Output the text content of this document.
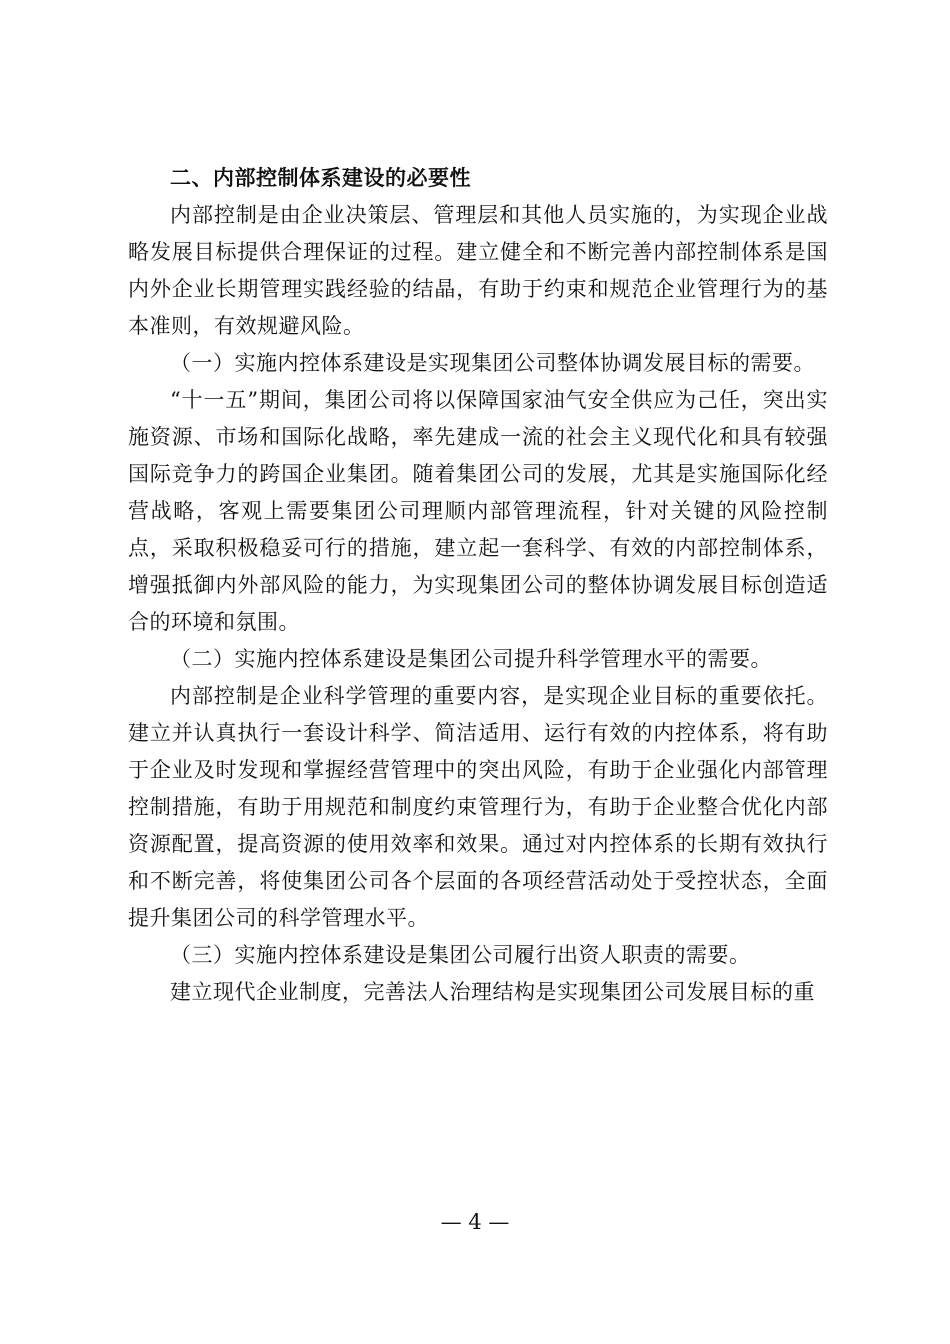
二、内部控制体系建设的必要性

内部控制是由企业决策层、管理层和其他人员实施的，为实现企业战略发展目标提供合理保证的过程。建立健全和不断完善内部控制体系是国内外企业长期管理实践经验的结晶，有助于约束和规范企业管理行为的基本准则，有效规避风险。

（一）实施内控体系建设是实现集团公司整体协调发展目标的需要。

“十一五”期间，集团公司将以保障国家油气安全供应为己任，突出实施资源、市场和国际化战略，率先建成一流的社会主义现代化和具有较强国际竞争力的跨国企业集团。随着集团公司的发展，尤其是实施国际化经营战略，客观上需要集团公司理顺内部管理流程，针对关键的风险控制点，采取积极稳妥可行的措施，建立起一套科学、有效的内部控制体系，增强抵御内外部风险的能力，为实现集团公司的整体协调发展目标创造适合的环境和氛围。

（二）实施内控体系建设是集团公司提升科学管理水平的需要。

内部控制是企业科学管理的重要内容，是实现企业目标的重要依托。建立并认真执行一套设计科学、简洁适用、运行有效的内控体系，将有助于企业及时发现和掌握经营管理中的突出风险，有助于企业强化内部管理控制措施，有助于用规范和制度约束管理行为，有助于企业整合优化内部资源配置，提高资源的使用效率和效果。通过对内控体系的长期有效执行和不断完善，将使集团公司各个层面的各项经营活动处于受控状态，全面提升集团公司的科学管理水平。

（三）实施内控体系建设是集团公司履行出资人职责的需要。

建立现代企业制度，完善法人治理结构是实现集团公司发展目标的重

— 4 —
